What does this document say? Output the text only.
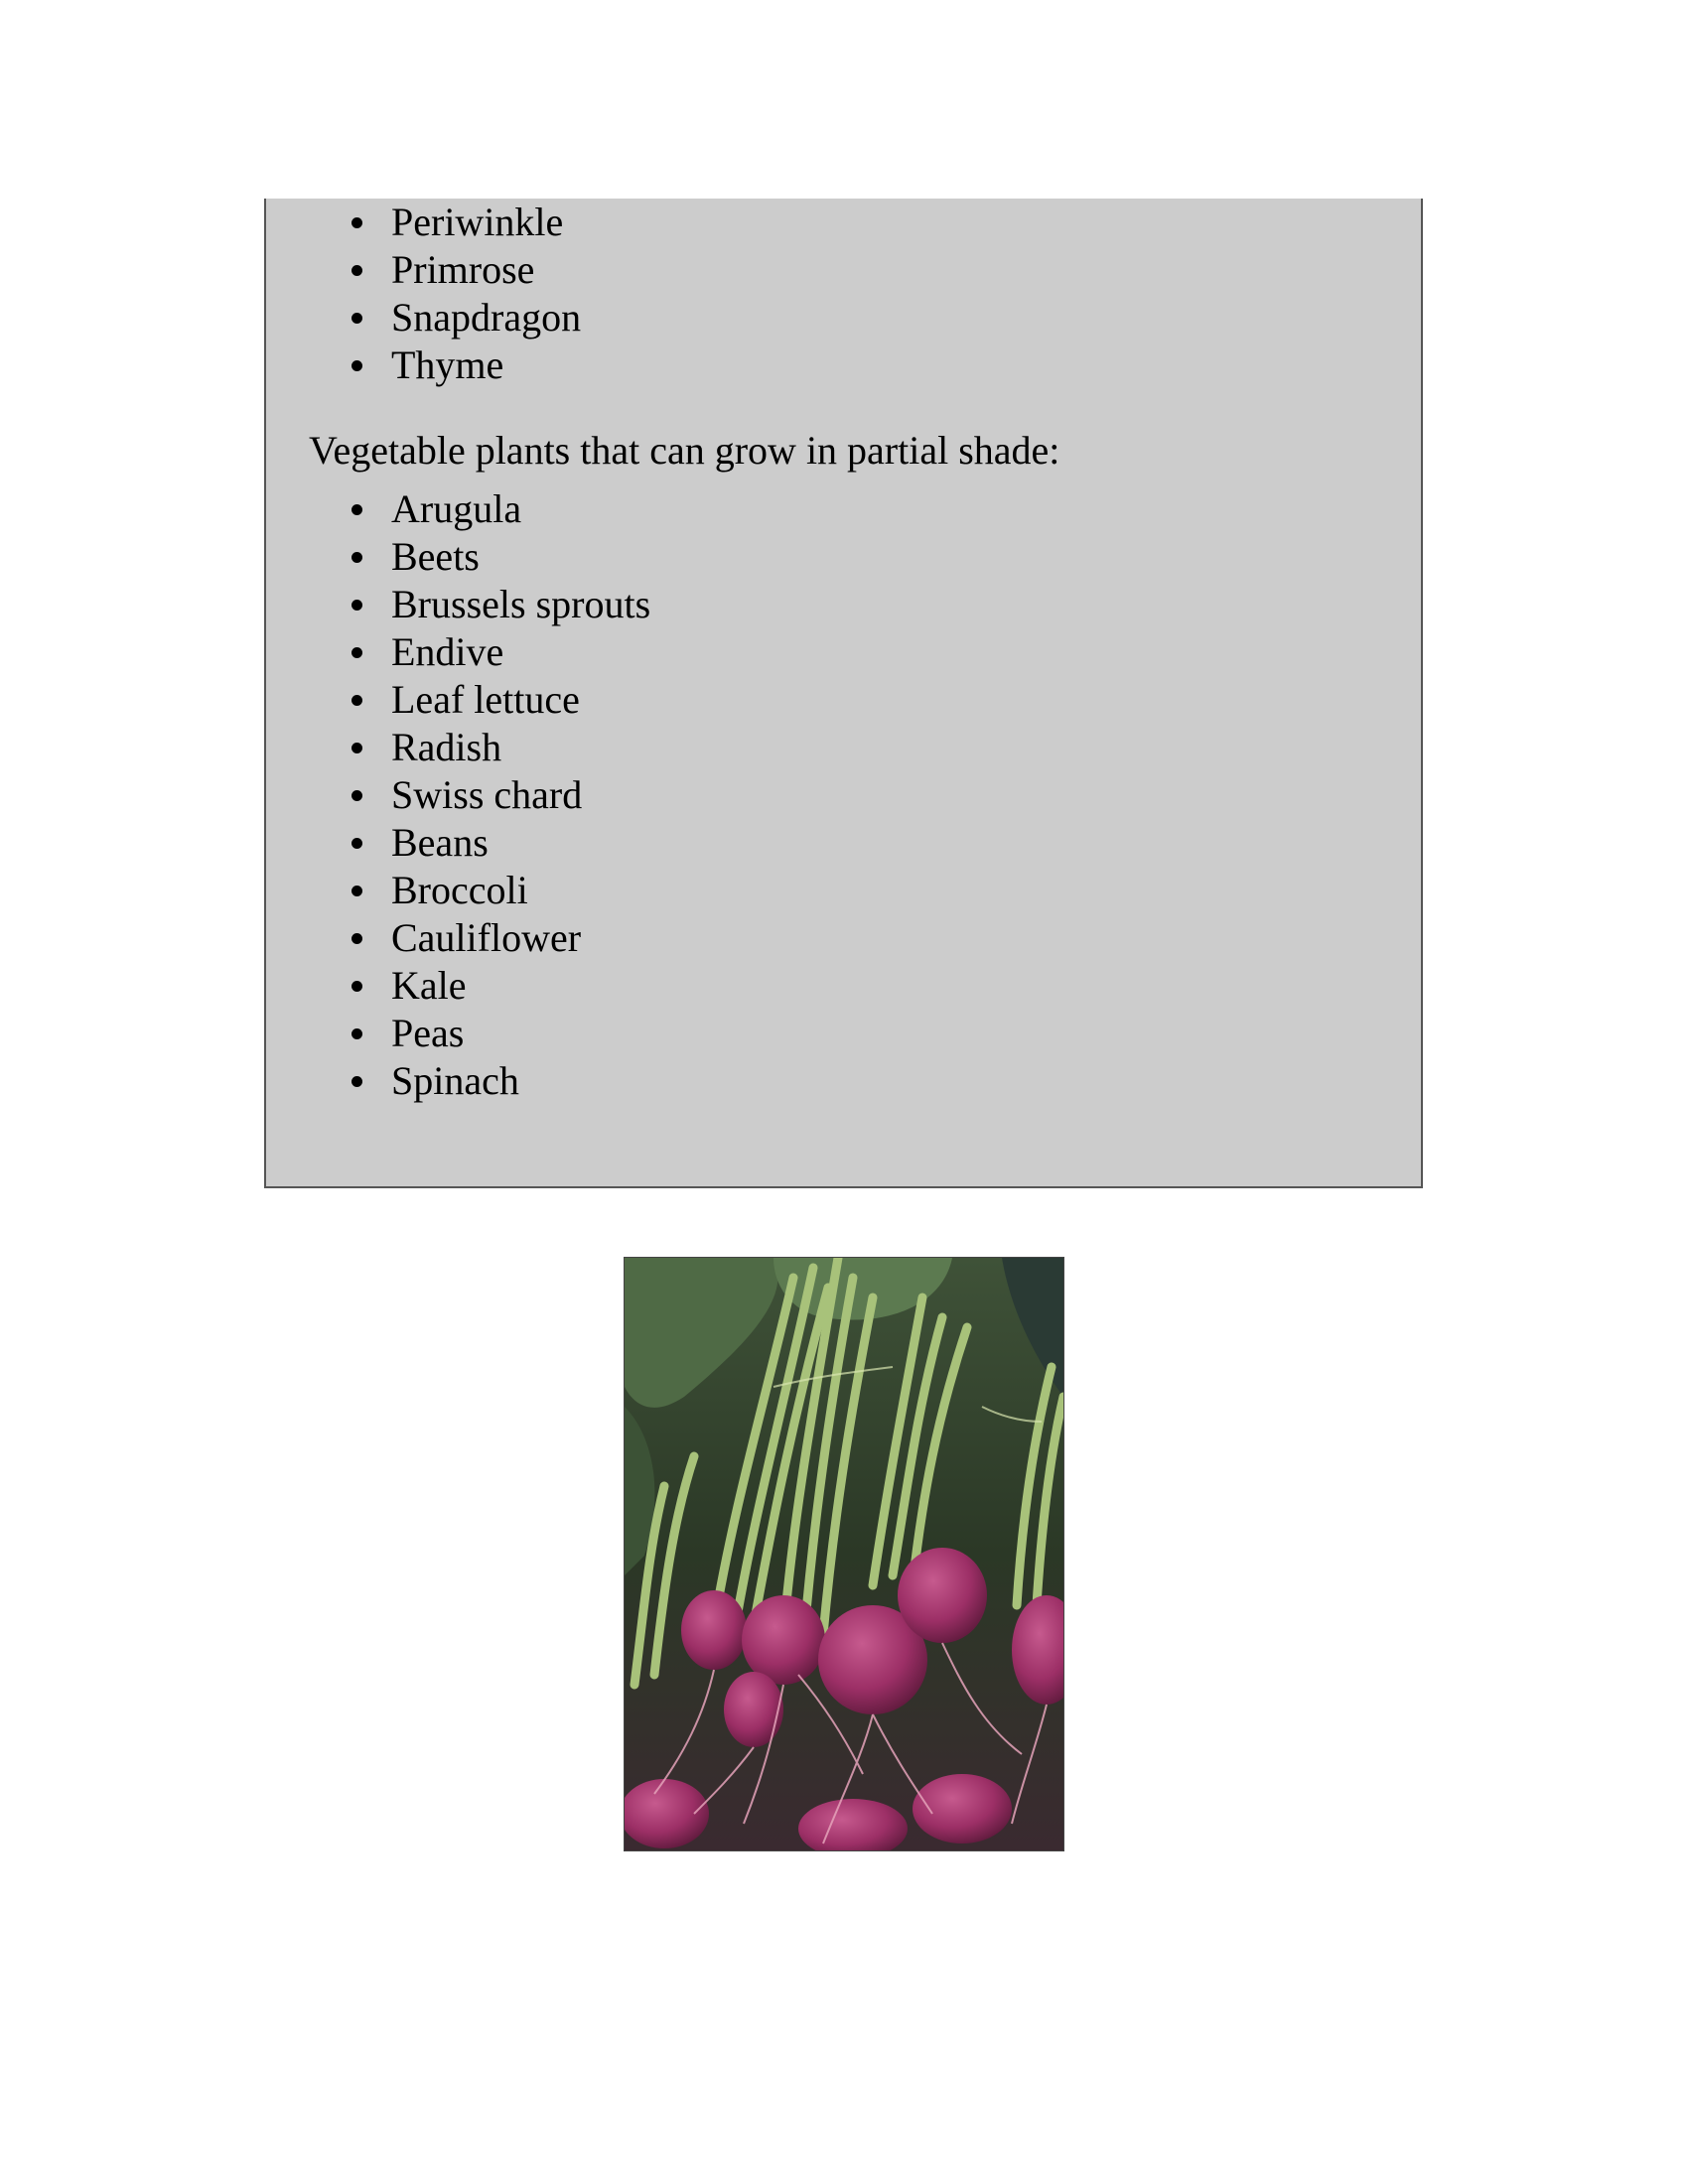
Periwinkle
Primrose
Snapdragon
Thyme
Vegetable plants that can grow in partial shade:
Arugula
Beets
Brussels sprouts
Endive
Leaf lettuce
Radish
Swiss chard
Beans
Broccoli
Cauliflower
Kale
Peas
Spinach
